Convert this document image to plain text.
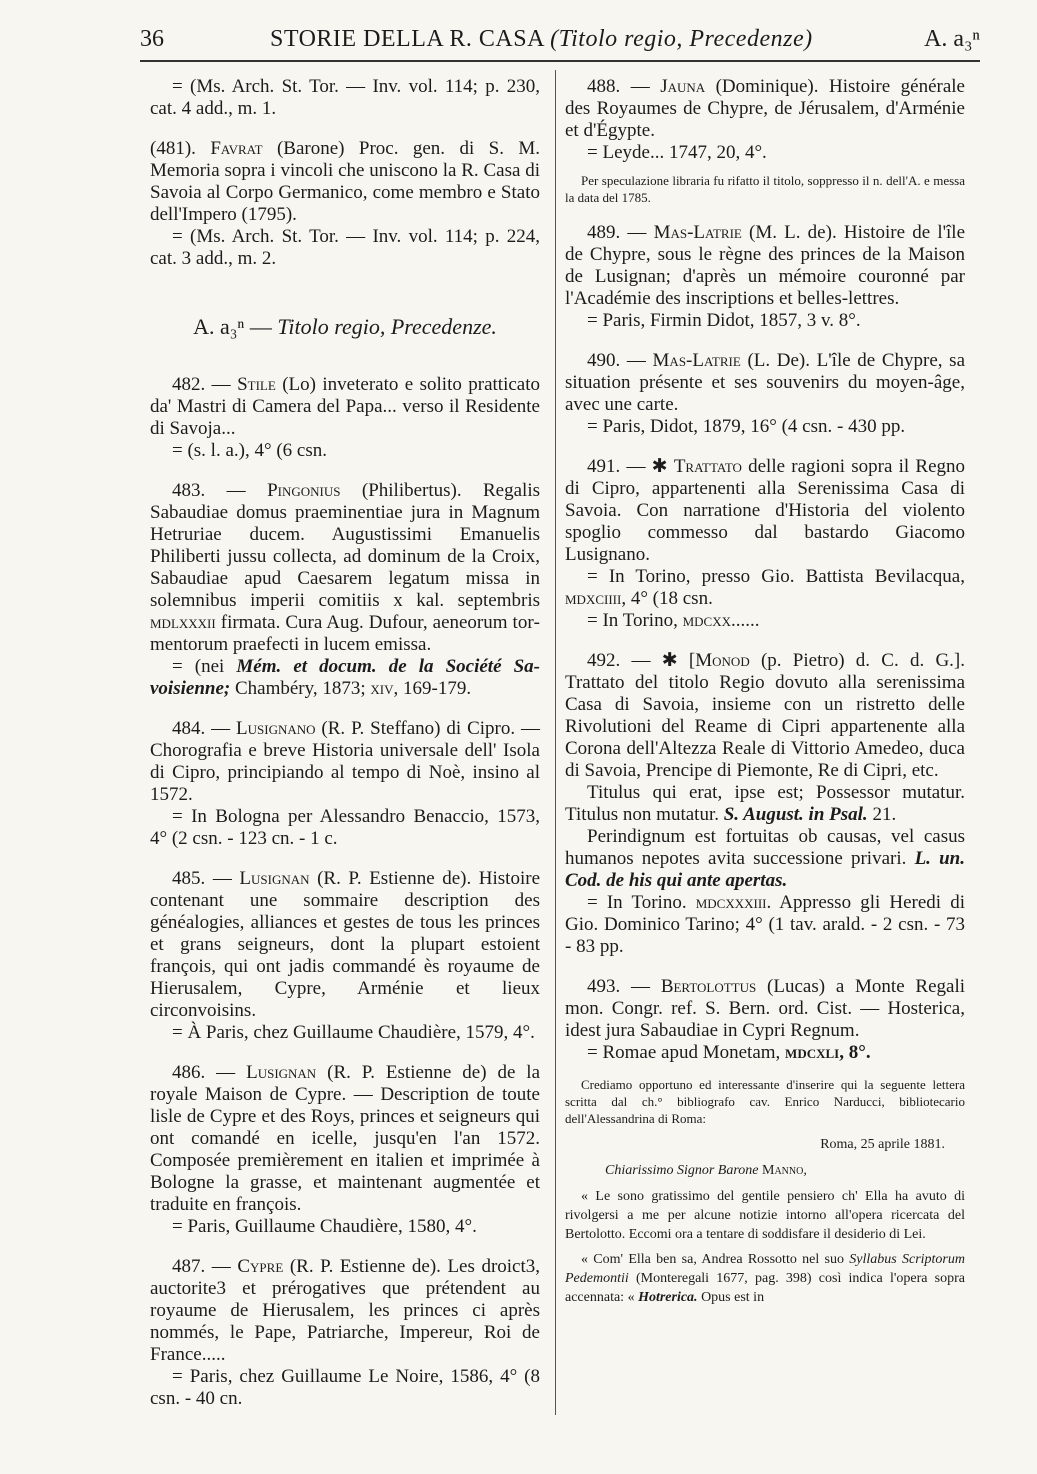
36	STORIE DELLA R. CASA (Titolo regio, Precedenze)	A. a₃ⁿ

= (Ms. Arch. St. Tor. — Inv. vol. 114; p. 230, cat. 4 add., m. 1.

(481). Favrat (Barone) Proc. gen. di S. M. Memoria sopra i vincoli che uniscono la R. Casa di Savoia al Corpo Germanico, come membro e Stato dell'Impero (1795).

= (Ms. Arch. St. Tor. — Inv. vol. 114; p. 224, cat. 3 add., m. 2.

A. a₃ⁿ — Titolo regio, Precedenze.

482. — Stile (Lo) inveterato e solito pratticato da' Mastri di Camera del Papa... verso il Residente di Savoja...

= (s. l. a.), 4° (6 csn.

483. — Pingonius (Philibertus). Regalis Sabaudiae domus praeminentiae jura in Magnum Hetruriae ducem. Augustissimi Emanuelis Philiberti jussu collecta, ad dominum de la Croix, Sabaudiae apud Caesarem legatum missa in solemnibus imperii comitiis x kal. septembris mdlxxxii firmata. Cura Aug. Dufour, aeneorum tormentorum praefecti in lucem emissa.

= (nei Mém. et docum. de la Société Savoisienne; Chambéry, 1873; xiv, 169-179.

484. — Lusignano (R. P. Steffano) di Cipro. — Chorografia e breve Historia universale dell' Isola di Cipro, principiando al tempo di Noè, insino al 1572.

= In Bologna per Alessandro Benaccio, 1573, 4° (2 csn. - 123 cn. - 1 c.

485. — Lusignan (R. P. Estienne de). Histoire contenant une sommaire description des généalogies, alliances et gestes de tous les princes et grans seigneurs, dont la plupart estoient françois, qui ont jadis commandé ès royaume de Hierusalem, Cypre, Arménie et lieux circonvoisins.

= À Paris, chez Guillaume Chaudière, 1579, 4°.

486. — Lusignan (R. P. Estienne de) de la royale Maison de Cypre. — Description de toute lisle de Cypre et des Roys, princes et seigneurs qui ont comandé en icelle, jusqu'en l'an 1572. Composée premièrement en italien et imprimée à Bologne la grasse, et maintenant augmentée et traduite en françois.

= Paris, Guillaume Chaudière, 1580, 4°.

487. — Cypre (R. P. Estienne de). Les droict3, auctorite3 et prérogatives que prétendent au royaume de Hierusalem, les princes ci après nommés, le Pape, Patriarche, Impereur, Roi de France.....

= Paris, chez Guillaume Le Noire, 1586, 4° (8 csn. - 40 cn.

488. — Jauna (Dominique). Histoire générale des Royaumes de Chypre, de Jérusalem, d'Arménie et d'Égypte.

= Leyde... 1747, 20, 4°.

Per speculazione libraria fu rifatto il titolo, soppresso il n. dell'A. e messa la data del 1785.

489. — Mas-Latrie (M. L. de). Histoire de l'île de Chypre, sous le règne des princes de la Maison de Lusignan; d'après un mémoire couronné par l'Académie des inscriptions et belles-lettres.

= Paris, Firmin Didot, 1857, 3 v. 8°.

490. — Mas-Latrie (L. De). L'île de Chypre, sa situation présente et ses souvenirs du moyen-âge, avec une carte.

= Paris, Didot, 1879, 16° (4 csn. - 430 pp.

491. — ✱ Trattato delle ragioni sopra il Regno di Cipro, appartenenti alla Serenissima Casa di Savoia. Con narratione d'Historia del violento spoglio commesso dal bastardo Giacomo Lusignano.

= In Torino, presso Gio. Battista Bevilacqua, mdxciiii, 4° (18 csn.

= In Torino, mdcxx......

492. — ✱ [Monod (p. Pietro) d. C. d. G.]. Trattato del titolo Regio dovuto alla serenissima Casa di Savoia, insieme con un ristretto delle Rivolutioni del Reame di Cipri appartenente alla Corona dell'Altezza Reale di Vittorio Amedeo, duca di Savoia, Prencipe di Piemonte, Re di Cipri, etc.

Titulus qui erat, ipse est; Possessor mutatur. Titulus non mutatur. S. August. in Psal. 21.

Perindignum est fortuitas ob causas, vel casus humanos nepotes avita successione privari. L. un. Cod. de his qui ante apertas.

= In Torino. mdcxxxiii. Appresso gli Heredi di Gio. Dominico Tarino; 4° (1 tav. arald. - 2 csn. - 73 - 83 pp.

493. — Bertolottus (Lucas) a Monte Regali mon. Congr. ref. S. Bern. ord. Cist. — Hosterica, idest jura Sabaudiae in Cypri Regnum.

= Romae apud Monetam, mdcxli, 8°.

Crediamo opportuno ed interessante d'inserire qui la seguente lettera scritta dal ch.° bibliografo cav. Enrico Narducci, bibliotecario dell'Alessandrina di Roma:

Roma, 25 aprile 1881.

Chiarissimo Signor Barone Manno,

« Le sono gratissimo del gentile pensiero ch' Ella ha avuto di rivolgersi a me per alcune notizie intorno all'opera ricercata del Bertolotto. Eccomi ora a tentare di soddisfare il desiderio di Lei.

« Com' Ella ben sa, Andrea Rossotto nel suo Syllabus Scriptorum Pedemontii (Monteregali 1677, pag. 398) così indica l'opera sopra accennata: « Hotrerica. Opus est in
